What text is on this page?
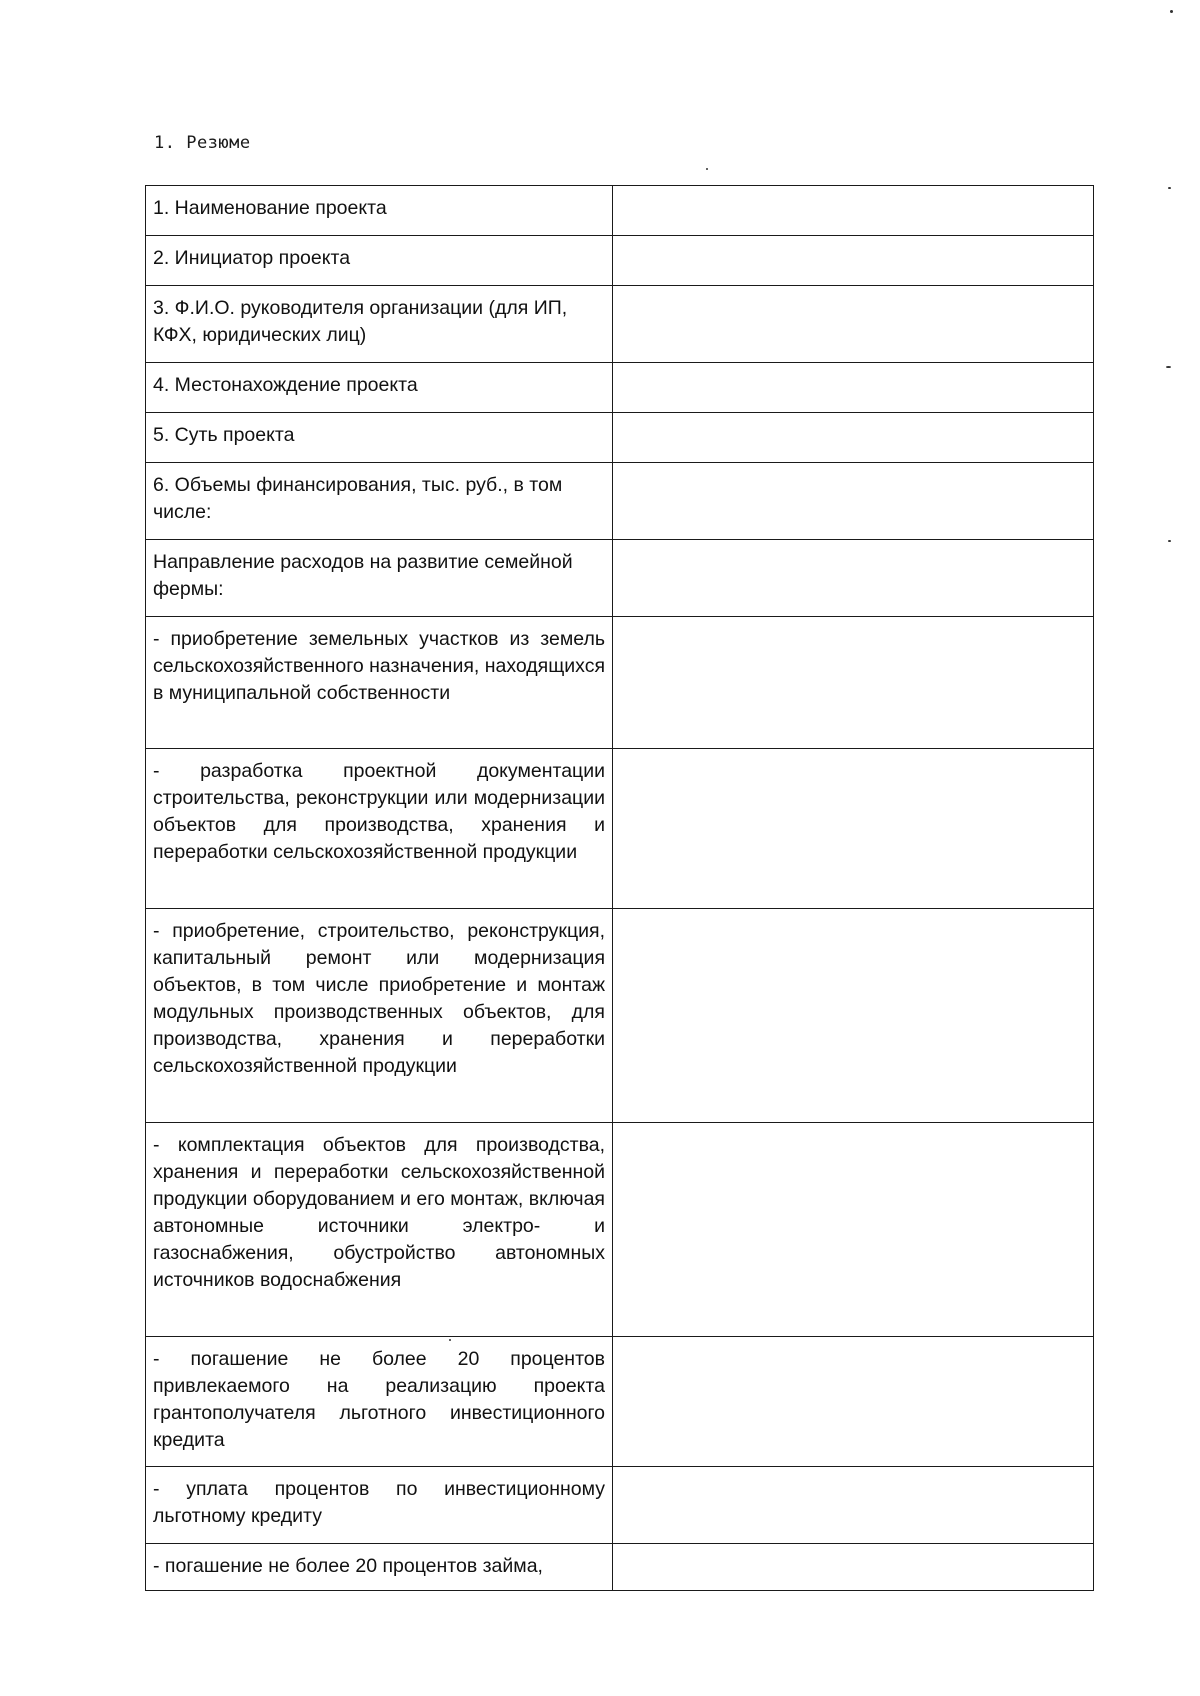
1. Резюме
1. Наименование проекта	
2. Инициатор проекта	
3. Ф.И.О. руководителя организации (для ИП, КФХ, юридических лиц)	
4. Местонахождение проекта	
5. Суть проекта	
6. Объемы финансирования, тыс. руб., в том числе:	
Направление расходов на развитие семейной фермы:	
- приобретение земельных участков из земель сельскохозяйственного назначения, находящихся в муниципальной собственности	
- разработка проектной документации строительства, реконструкции или модернизации объектов для производства, хранения и переработки сельскохозяйственной продукции	
- приобретение, строительство, реконструкция, капитальный ремонт или модернизация объектов, в том числе приобретение и монтаж модульных производственных объектов, для производства, хранения и переработки сельскохозяйственной продукции	
- комплектация объектов для производства, хранения и переработки сельскохозяйственной продукции оборудованием и его монтаж, включая автономные источники электро- и газоснабжения, обустройство автономных источников водоснабжения	
- погашение не более 20 процентов привлекаемого на реализацию проекта грантополучателя льготного инвестиционного кредита	
- уплата процентов по инвестиционному льготному кредиту	
- погашение не более 20 процентов займа,	
